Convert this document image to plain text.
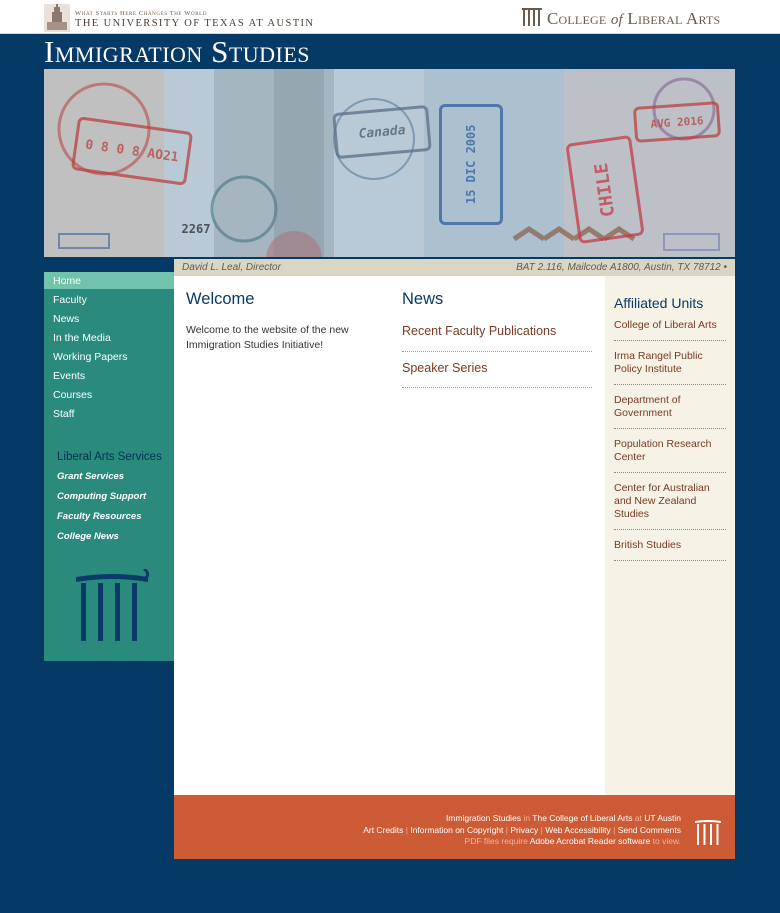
What Starts Here Changes The World
THE UNIVERSITY OF TEXAS AT AUSTIN	College of Liberal Arts
Immigration Studies
0 8 0 8 AO21
Canada	15 DIC 2005	CHILE
AVG 2016
2267
David L. Leal, Director	BAT 2.116, Mailcode A1800, Austin, TX 78712 •
Home
Faculty
News
In the Media
Working Papers
Events
Courses
Staff
Liberal Arts Services
Grant Services
Computing Support
Faculty Resources
College News
Welcome
Welcome to the website of the new Immigration Studies Initiative!
News
Recent Faculty Publications
Speaker Series
Affiliated Units
College of Liberal Arts
Irma Rangel Public Policy Institute
Department of Government
Population Research Center
Center for Australian and New Zealand Studies
British Studies
Immigration Studies in The College of Liberal Arts at UT Austin
Art Credits | Information on Copyright | Privacy | Web Accessibility | Send Comments
PDF files require Adobe Acrobat Reader software to view.
